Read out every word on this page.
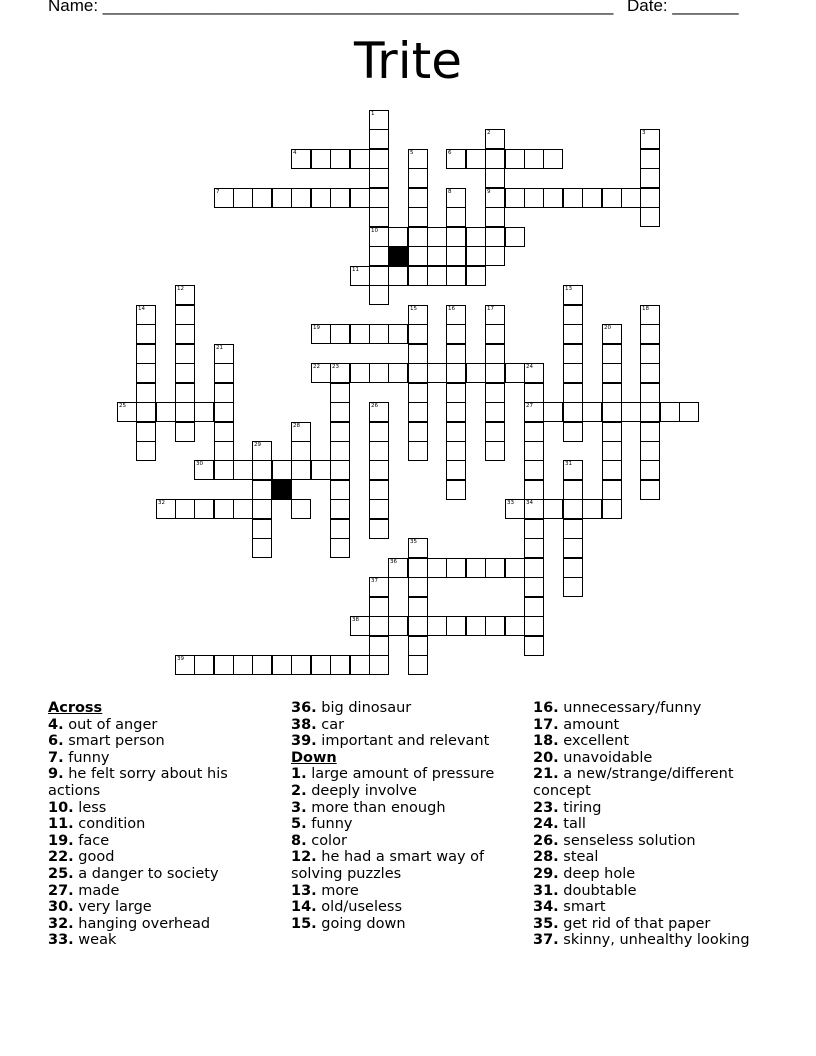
Name: ______________________________________________________ Date: _______
Trite
1
10
2
9
3
4	5	6
7	8
11
12	13
14	15	16	17	18
19	20
21
22 23	24
25	26	27
28
29
30	31
32	33 34
35
36
37
38
39
Across
4. out of anger
6. smart person
7. funny
9. he felt sorry about his actions
10. less
11. condition
19. face
22. good
25. a danger to society
27. made
30. very large
32. hanging overhead
33. weak
36. big dinosaur
38. car
39. important and relevant
Down
1. large amount of pressure
2. deeply involve
3. more than enough
5. funny
8. color
12. he had a smart way of solving puzzles
13. more
14. old/useless
15. going down
16. unnecessary/funny
17. amount
18. excellent
20. unavoidable
21. a new/strange/different concept
23. tiring
24. tall
26. senseless solution
28. steal
29. deep hole
31. doubtable
34. smart
35. get rid of that paper
37. skinny, unhealthy looking
